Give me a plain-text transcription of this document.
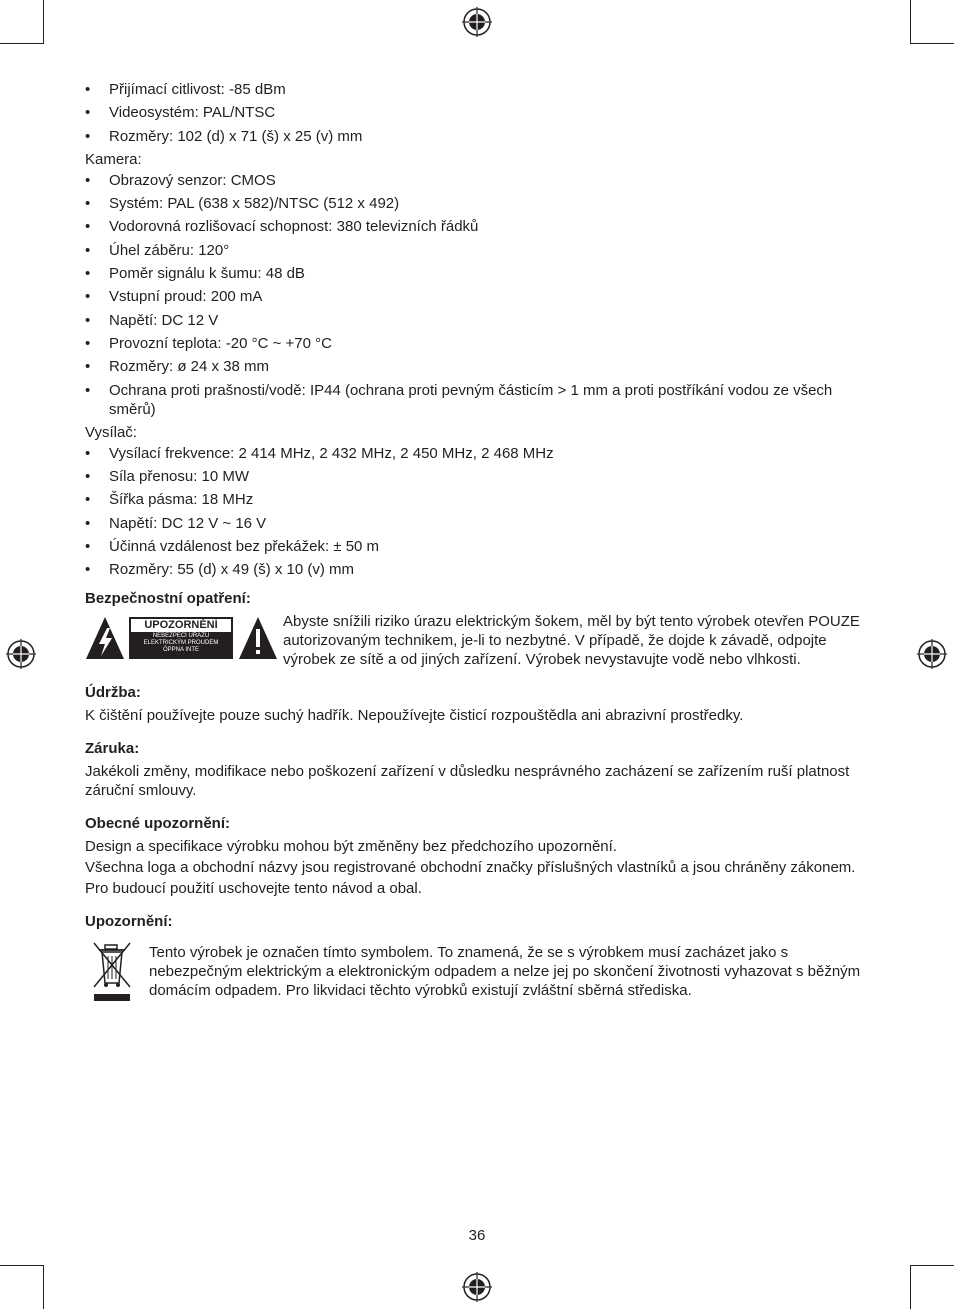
• Přijímací citlivost: -85 dBm
• Videosystém: PAL/NTSC
• Rozměry: 102 (d) x 71 (š) x 25 (v) mm

Kamera:

• Obrazový senzor: CMOS
• Systém: PAL (638 x 582)/NTSC (512 x 492)
• Vodorovná rozlišovací schopnost: 380 televizních řádků
• Úhel záběru: 120°
• Poměr signálu k šumu: 48 dB
• Vstupní proud: 200 mA
• Napětí: DC 12 V
• Provozní teplota: -20 °C ~ +70 °C
• Rozměry: ø 24 x 38 mm
• Ochrana proti prašnosti/vodě: IP44 (ochrana proti pevným částicím > 1 mm a proti postříkání vodou ze všech směrů)

Vysílač:

• Vysílací frekvence: 2 414 MHz, 2 432 MHz, 2 450 MHz, 2 468 MHz
• Síla přenosu: 10 MW
• Šířka pásma: 18 MHz
• Napětí: DC 12 V ~ 16 V
• Účinná vzdálenost bez překážek: ± 50 m
• Rozměry: 55 (d) x 49 (š) x 10 (v) mm
Bezpečnostní opatření:
UPOZORNĚNÍ
NEBEZPEČÍ ÚRAZU
ELEKTRICKÝM PROUDEM
ÓPPNA INTE

Abyste snížili riziko úrazu elektrickým šokem, měl by být tento výrobek otevřen POUZE autorizovaným technikem, je-li to nezbytné. V případě, že dojde k závadě, odpojte výrobek ze sítě a od jiných zařízení. Výrobek nevystavujte vodě nebo vlhkosti.

Údržba:

K čištění používejte pouze suchý hadřík. Nepoužívejte čisticí rozpouštědla ani abrazivní prostředky.

Záruka:

Jakékoli změny, modifikace nebo poškození zařízení v důsledku nesprávného zacházení se zařízením ruší platnost záruční smlouvy.

Obecné upozornění:

Design a specifikace výrobku mohou být změněny bez předchozího upozornění.

Všechna loga a obchodní názvy jsou registrované obchodní značky příslušných vlastníků a jsou chráněny zákonem.

Pro budoucí použití uschovejte tento návod a obal.

Upozornění:

Tento výrobek je označen tímto symbolem. To znamená, že se s výrobkem musí zacházet jako s nebezpečným elektrickým a elektronickým odpadem a nelze jej po skončení životnosti vyhazovat s běžným domácím odpadem. Pro likvidaci těchto výrobků existují zvláštní sběrná střediska.

36
